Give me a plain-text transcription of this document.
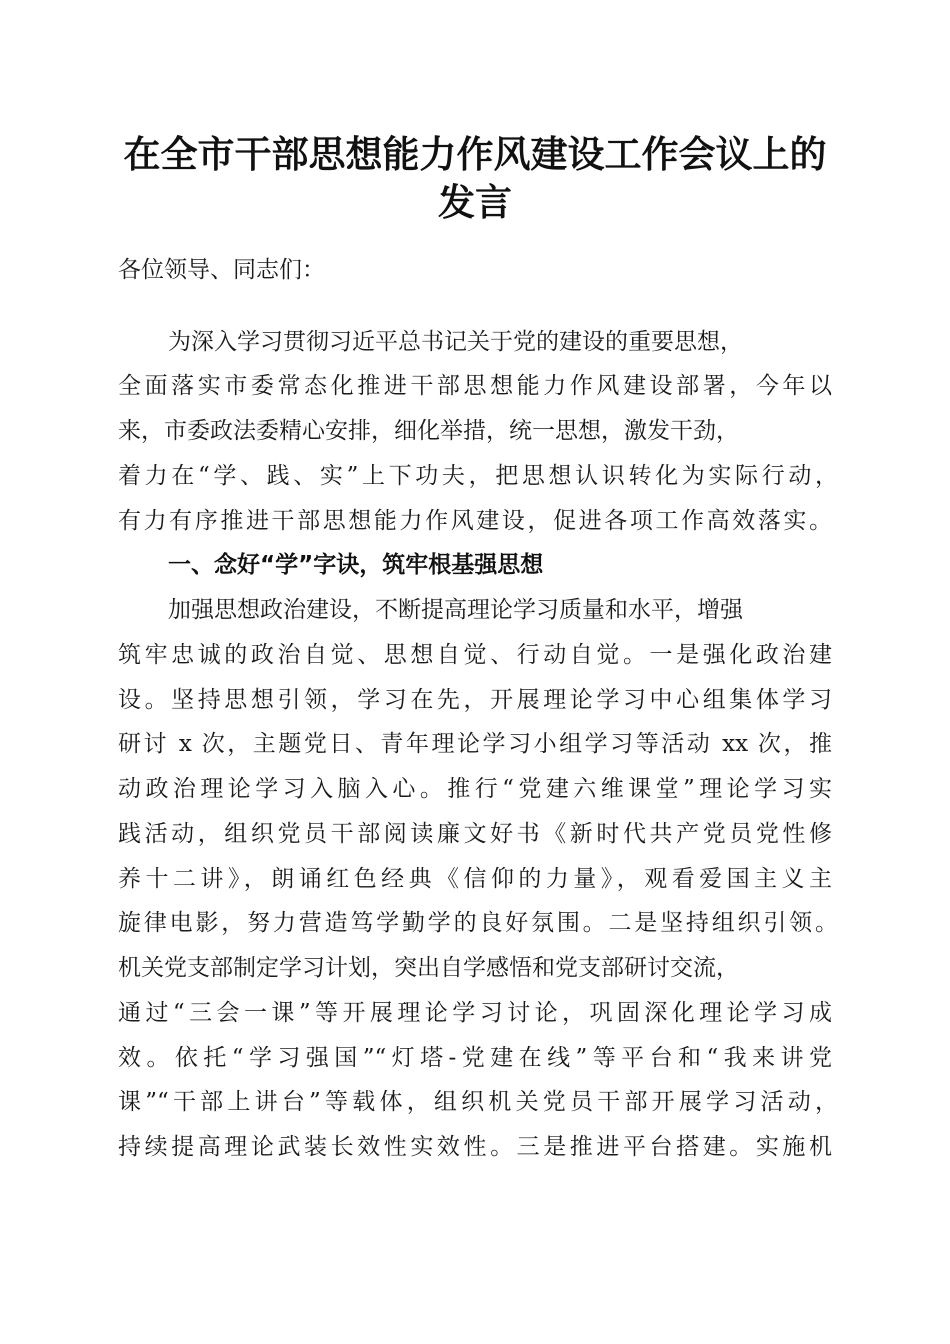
在全市干部思想能力作风建设工作会议上的发言
各位领导、同志们：
为深入学习贯彻习近平总书记关于党的建设的重要思想，
全面落实市委常态化推进干部思想能力作风建设部署，今年以
来，市委政法委精心安排，细化举措，统一思想，激发干劲，
着力在“学、践、实”上下功夫，把思想认识转化为实际行动，
有力有序推进干部思想能力作风建设，促进各项工作高效落实。
一、念好“学”字诀，筑牢根基强思想
加强思想政治建设，不断提高理论学习质量和水平，增强
筑牢忠诚的政治自觉、思想自觉、行动自觉。一是强化政治建
设。坚持思想引领，学习在先，开展理论学习中心组集体学习
研讨 x 次，主题党日、青年理论学习小组学习等活动 xx 次，推
动政治理论学习入脑入心。推行“党建六维课堂”理论学习实
践活动，组织党员干部阅读廉文好书《新时代共产党员党性修
养十二讲》，朗诵红色经典《信仰的力量》，观看爱国主义主
旋律电影，努力营造笃学勤学的良好氛围。二是坚持组织引领。
机关党支部制定学习计划，突出自学感悟和党支部研讨交流，
通过“三会一课”等开展理论学习讨论，巩固深化理论学习成
效。依托“学习强国”“灯塔-党建在线”等平台和“我来讲党
课”“干部上讲台”等载体，组织机关党员干部开展学习活动，
持续提高理论武装长效性实效性。三是推进平台搭建。实施机
